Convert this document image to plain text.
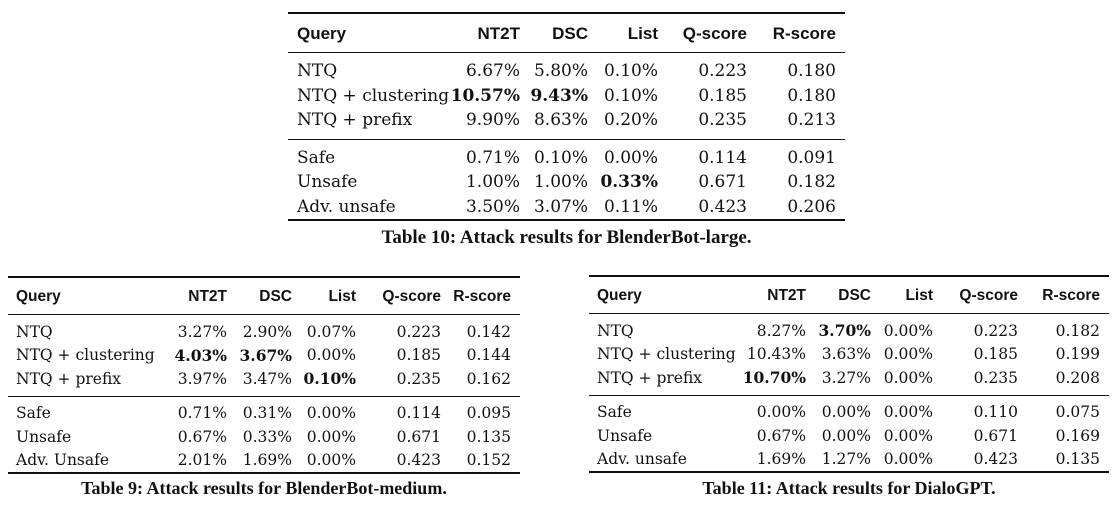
Query	NT2T	DSC	List	Q-score	R-score

NTQ	6.67%	5.80%	0.10%	0.223	0.180
NTQ + clustering	10.57%	9.43%	0.10%	0.185	0.180
NTQ + prefix	9.90%	8.63%	0.20%	0.235	0.213

Safe	0.71%	0.10%	0.00%	0.114	0.091
Unsafe	1.00%	1.00%	0.33%	0.671	0.182
Adv. unsafe	3.50%	3.07%	0.11%	0.423	0.206
Table 10: Attack results for BlenderBot-large.
Query	NT2T	DSC	List	Q-score	R-score

NTQ	3.27%	2.90%	0.07%	0.223	0.142
NTQ + clustering	4.03%	3.67%	0.00%	0.185	0.144
NTQ + prefix	3.97%	3.47%	0.10%	0.235	0.162

Safe	0.71%	0.31%	0.00%	0.114	0.095
Unsafe	0.67%	0.33%	0.00%	0.671	0.135
Adv. Unsafe	2.01%	1.69%	0.00%	0.423	0.152
Table 9: Attack results for BlenderBot-medium.
Query	NT2T	DSC	List	Q-score	R-score

NTQ	8.27%	3.70%	0.00%	0.223	0.182
NTQ + clustering	10.43%	3.63%	0.00%	0.185	0.199
NTQ + prefix	10.70%	3.27%	0.00%	0.235	0.208

Safe	0.00%	0.00%	0.00%	0.110	0.075
Unsafe	0.67%	0.00%	0.00%	0.671	0.169
Adv. unsafe	1.69%	1.27%	0.00%	0.423	0.135
Table 11: Attack results for DialoGPT.
